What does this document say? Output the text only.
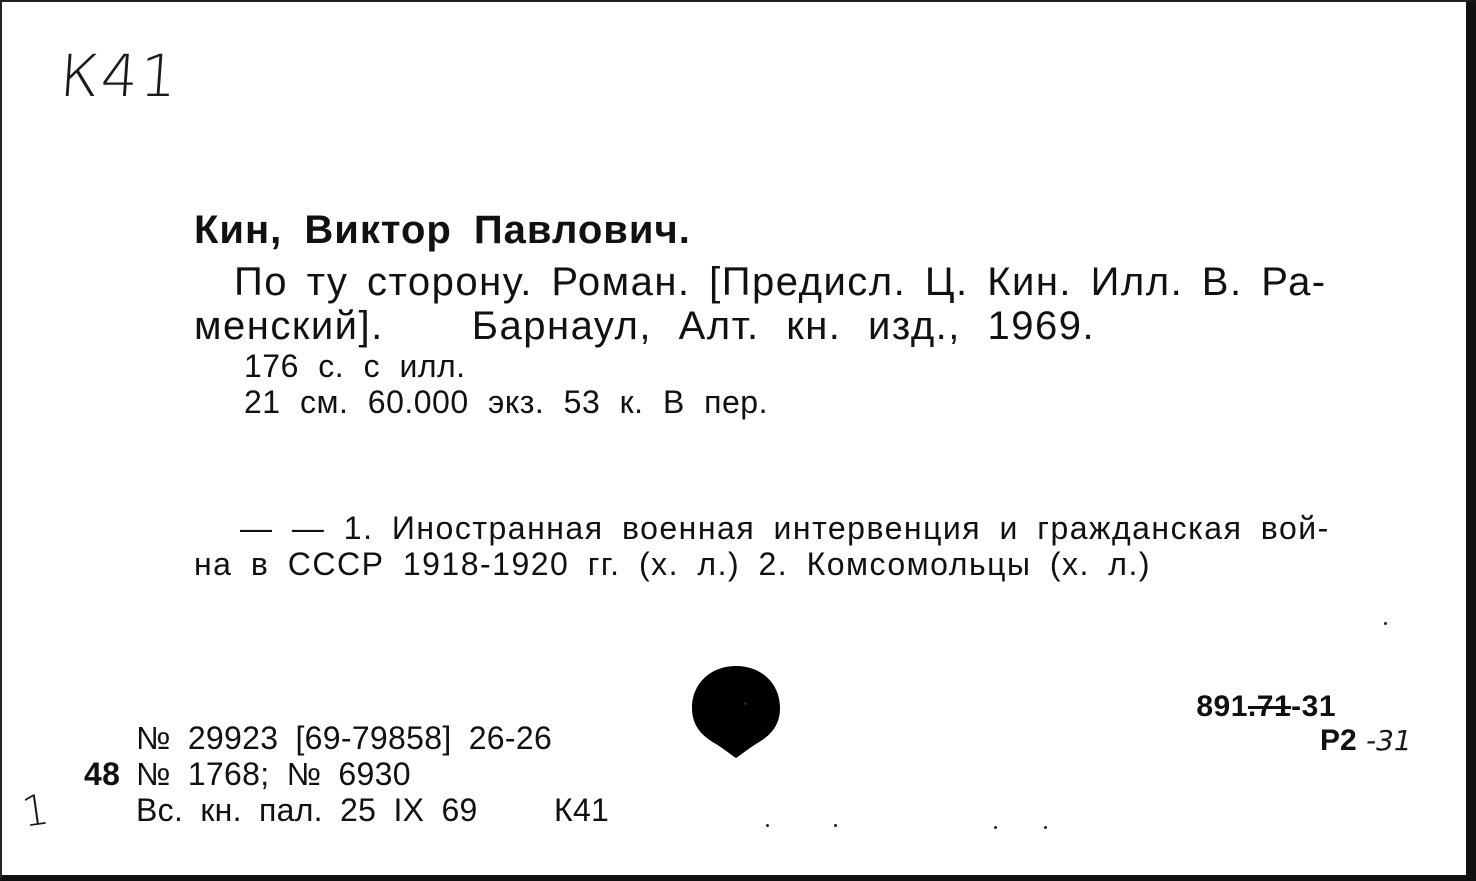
К41
Кин, Виктор Павлович.
По ту сторону. Роман. [Предисл. Ц. Кин. Илл. В. Ра-
менский]. Барнаул, Алт. кн. изд., 1969.
176 с. с илл.
21 см. 60.000 экз. 53 к. В пер.
— — 1. Иностранная военная интервенция и гражданская вой-
на в СССР 1918-1920 гг. (х. л.) 2. Комсомольцы (х. л.)
№ 29923 [69-79858] 26-26
48 № 1768; № 6930
Вс. кн. пал. 25 IX 69 К41
891.71-31
Р2 -31
1
